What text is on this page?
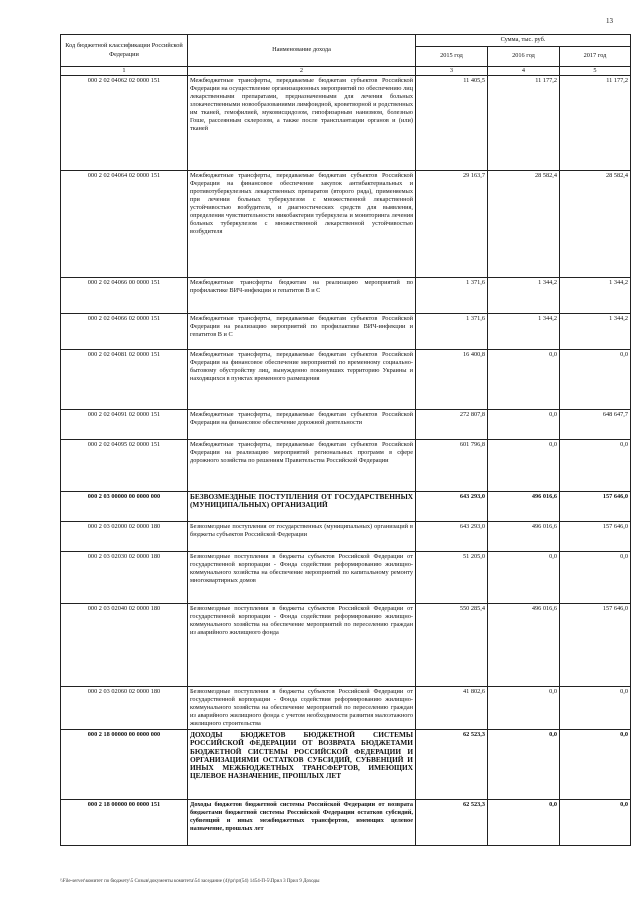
13
Код бюджетной классификации Российской Федерации	Наименование дохода	Сумма, тыс. руб.		
		2015 год	2016 год	2017 год
1	2	3	4	5
000 2 02 04062 02 0000 151	Межбюджетные трансферты, передаваемые бюджетам субъектов Российской Федерации на осуществление организационных мероприятий по обеспечению лиц лекарственными препаратами, предназначенными для лечения больных злокачественными новообразованиями лимфоидной, кроветворной и родственных им тканей, гемофилией, муковисцидозом, гипофизарным нанизмом, болезнью Гоше, рассеянным склерозом, а также после трансплантации органов и (или) тканей	11 405,5	11 177,2	11 177,2
000 2 02 04064 02 0000 151	Межбюджетные трансферты, передаваемые бюджетам субъектов Российской Федерации на финансовое обеспечение закупок антибактериальных и противотуберкулезных лекарственных препаратов (второго ряда), применяемых при лечении больных туберкулезом с множественной лекарственной устойчивостью возбудителя, и диагностических средств для выявления, определения чувствительности микобактерии туберкулеза и мониторинга лечения больных туберкулезом с множественной лекарственной устойчивостью возбудителя	29 163,7	28 582,4	28 582,4
000 2 02 04066 00 0000 151	Межбюджетные трансферты бюджетам на реализацию мероприятий по профилактике ВИЧ-инфекции и гепатитов В и С	1 371,6	1 344,2	1 344,2
000 2 02 04066 02 0000 151	Межбюджетные трансферты, передаваемые бюджетам субъектов Российской Федерации на реализацию мероприятий по профилактике ВИЧ-инфекции и гепатитов В и С	1 371,6	1 344,2	1 344,2
000 2 02 04081 02 0000 151	Межбюджетные трансферты, передаваемые бюджетам субъектов Российской Федерации на финансовое обеспечение мероприятий по временному социально-бытовому обустройству лиц, вынужденно покинувших территорию Украины и находящихся в пунктах временного размещения	16 400,8	0,0	0,0
000 2 02 04091 02 0000 151	Межбюджетные трансферты, передаваемые бюджетам субъектов Российской Федерации на финансовое обеспечение дорожной деятельности	272 807,8	0,0	648 647,7
000 2 02 04095 02 0000 151	Межбюджетные трансферты, передаваемые бюджетам субъектов Российской Федерации на реализацию мероприятий региональных программ в сфере дорожного хозяйства по решениям Правительства Российской Федерации	601 796,8	0,0	0,0
000 2 03 00000 00 0000 000	БЕЗВОЗМЕЗДНЫЕ ПОСТУПЛЕНИЯ ОТ ГОСУДАРСТВЕННЫХ (МУНИЦИПАЛЬНЫХ) ОРГАНИЗАЦИЙ	643 293,0	496 016,6	157 646,0
000 2 03 02000 02 0000 180	Безвозмездные поступления от государственных (муниципальных) организаций в бюджеты субъектов Российской Федерации	643 293,0	496 016,6	157 646,0
000 2 03 02030 02 0000 180	Безвозмездные поступления в бюджеты субъектов Российской Федерации от государственной корпорации - Фонда содействия реформированию жилищно-коммунального хозяйства на обеспечение мероприятий по капитальному ремонту многоквартирных домов	51 205,0	0,0	0,0
000 2 03 02040 02 0000 180	Безвозмездные поступления в бюджеты субъектов Российской Федерации от государственной корпорации - Фонда содействия реформированию жилищно-коммунального хозяйства на обеспечение мероприятий по переселению граждан из аварийного жилищного фонда	550 285,4	496 016,6	157 646,0
000 2 03 02060 02 0000 180	Безвозмездные поступления в бюджеты субъектов Российской Федерации от государственной корпорации - Фонда содействия реформированию жилищно-коммунального хозяйства на обеспечение мероприятий по переселению граждан из аварийного жилищного фонда с учетом необходимости развития малоэтажного жилищного строительства	41 802,6	0,0	0,0
000 2 18 00000 00 0000 000	ДОХОДЫ БЮДЖЕТОВ БЮДЖЕТНОЙ СИСТЕМЫ РОССИЙСКОЙ ФЕДЕРАЦИИ ОТ ВОЗВРАТА БЮДЖЕТАМИ БЮДЖЕТНОЙ СИСТЕМЫ РОССИЙСКОЙ ФЕДЕРАЦИИ И ОРГАНИЗАЦИЯМИ ОСТАТКОВ СУБСИДИЙ, СУБВЕНЦИЙ И ИНЫХ МЕЖБЮДЖЕТНЫХ ТРАНСФЕРТОВ, ИМЕЮЩИХ ЦЕЛЕВОЕ НАЗНАЧЕНИЕ, ПРОШЛЫХ ЛЕТ	62 523,3	0,0	0,0
000 2 18 00000 00 0000 151	Доходы бюджетов бюджетной системы Российской Федерации от возврата бюджетами бюджетной системы Российской Федерации остатков субсидий, субвенций и иных межбюджетных трансфертов, имеющих целевое назначение, прошлых лет	62 523,3	0,0	0,0
\\File-server\комитет по бюджету\5 Созыв\документы комитета\54 заседание (4)\pr\pr(54) 1454-П-5\Прил 3 Прил 9 Доходы
